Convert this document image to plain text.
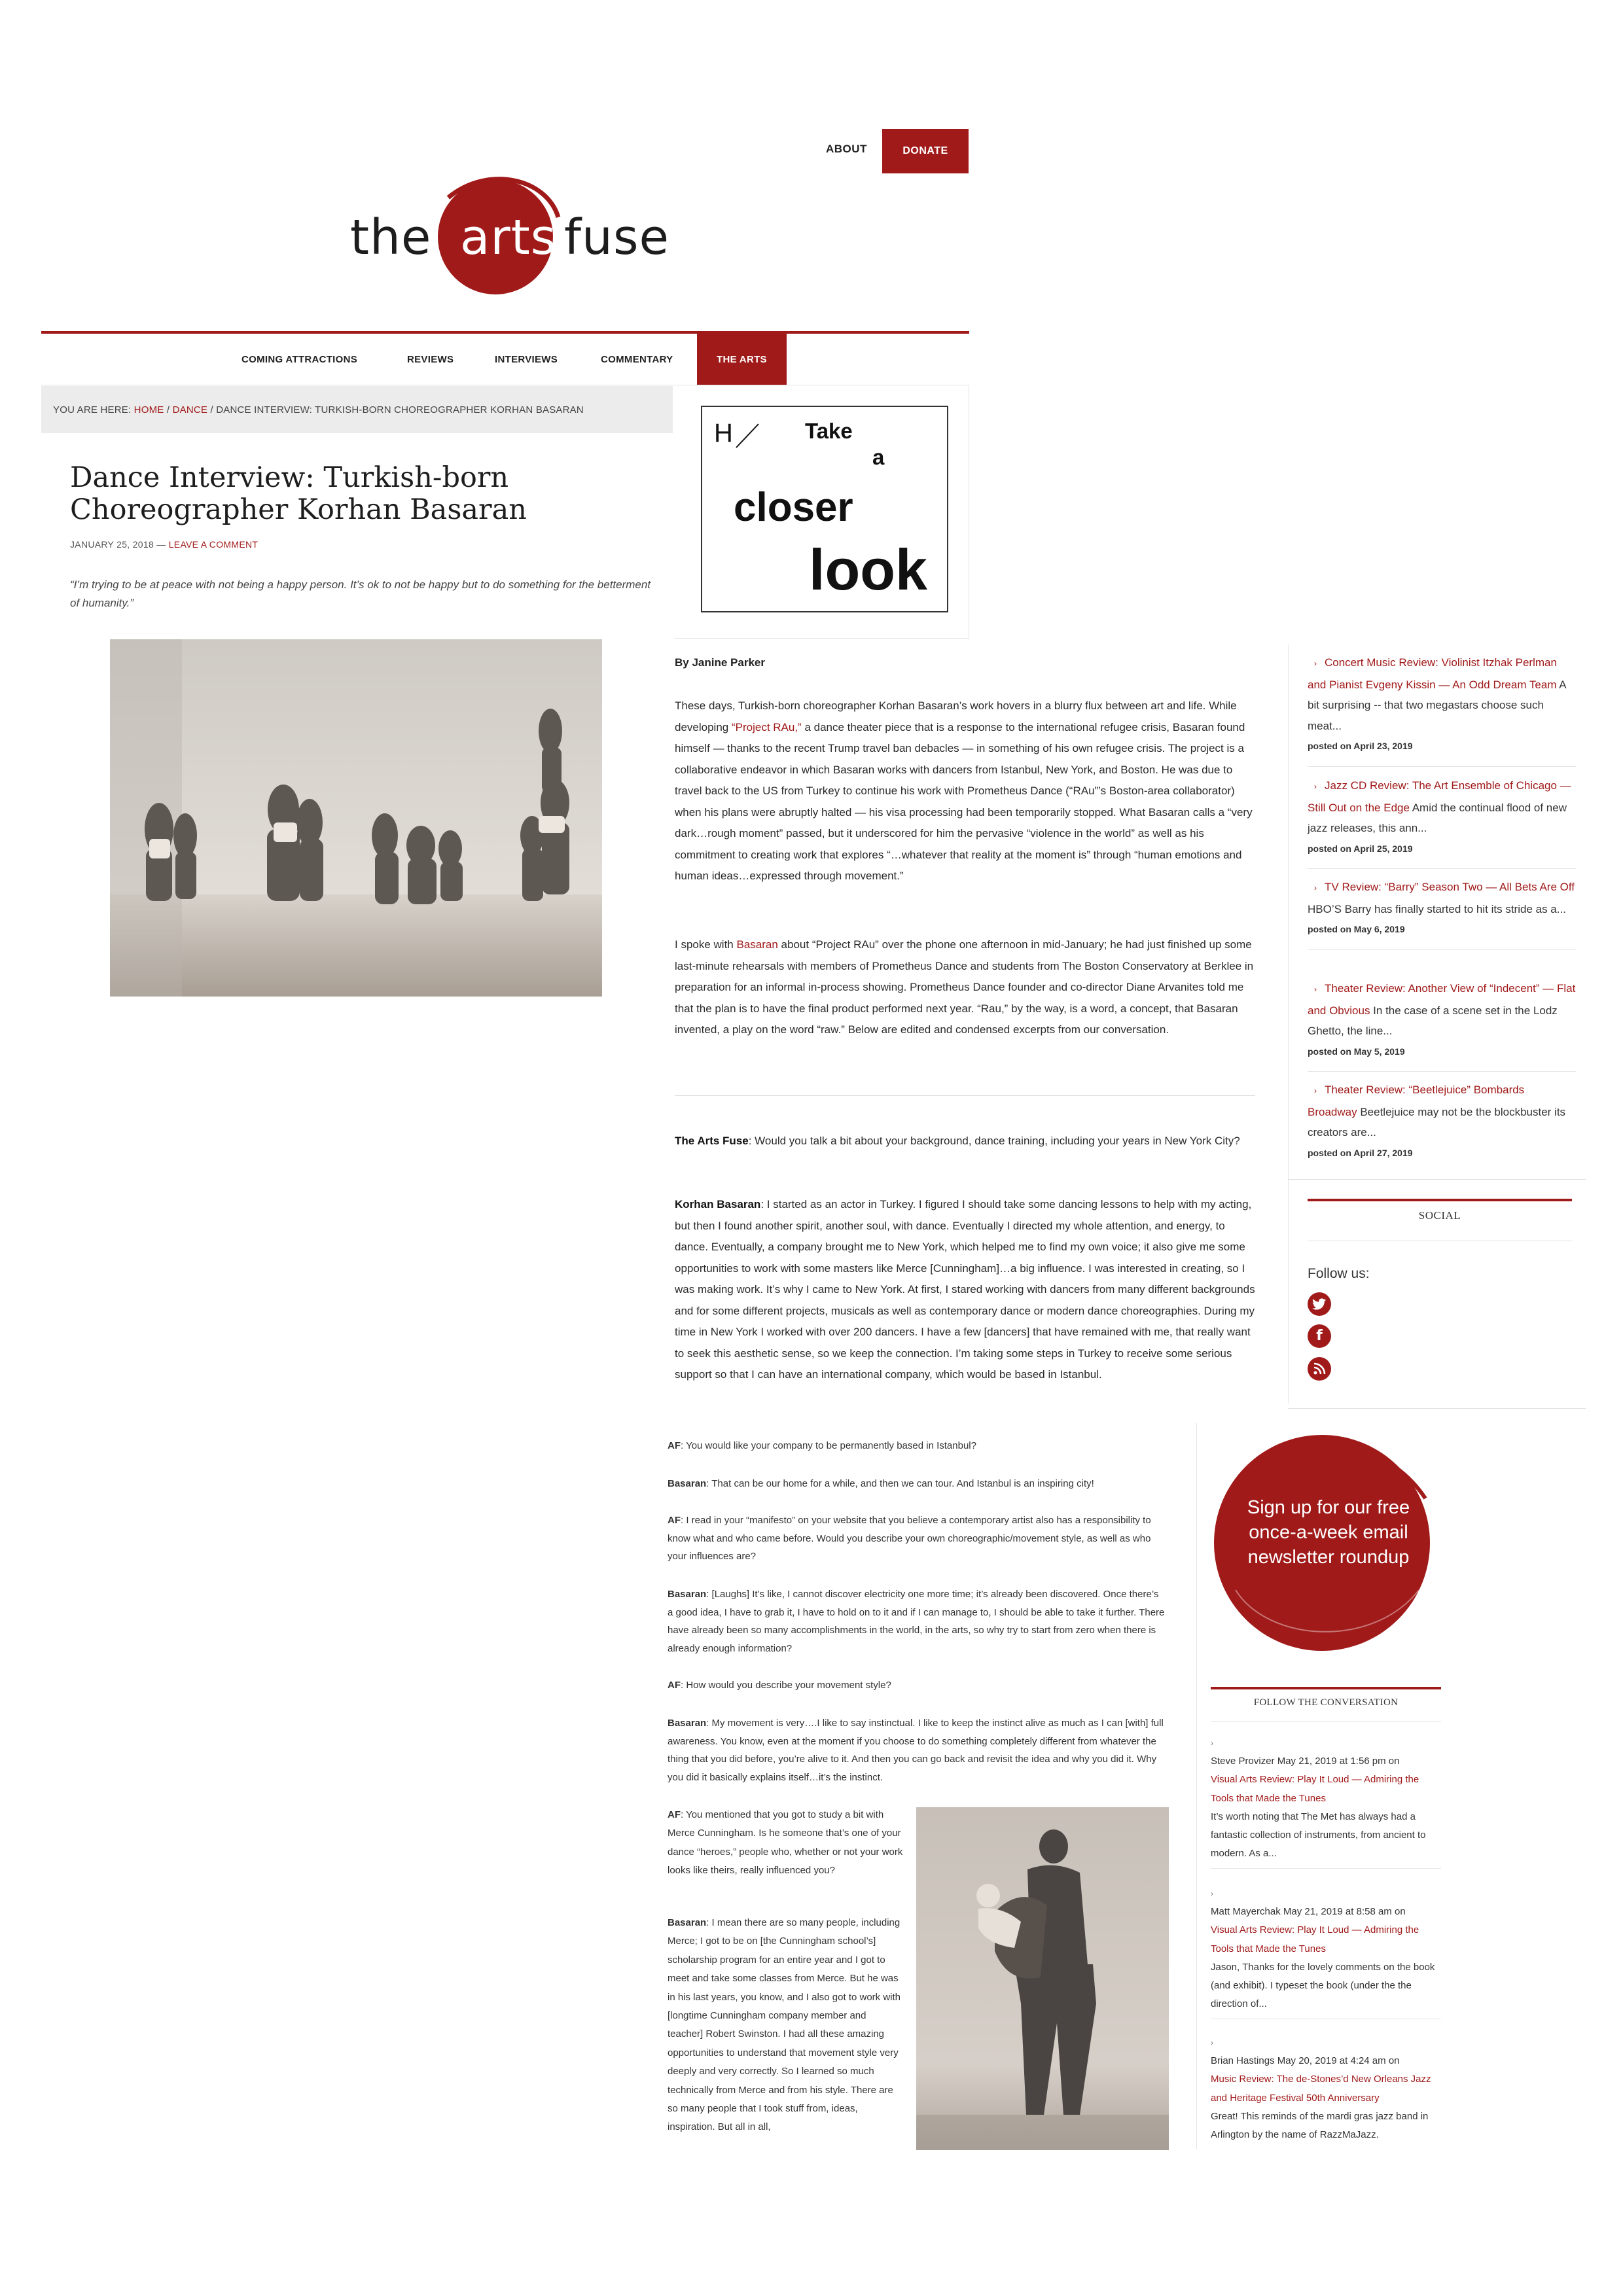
ABOUT	DONATE
the arts fuse
COMING ATTRACTIONS	REVIEWS	INTERVIEWS	COMMENTARY	THE ARTS
YOU ARE HERE: HOME / DANCE / DANCE INTERVIEW: TURKISH-BORN CHOREOGRAPHER KORHAN BASARAN
Dance Interview: Turkish-born Choreographer Korhan Basaran
JANUARY 25, 2018 — LEAVE A COMMENT
“I’m trying to be at peace with not being a happy person. It’s ok to not be happy but to do something for the betterment of humanity.”
H	Take
a
closer
look
By Janine Parker
These days, Turkish-born choreographer Korhan Basaran’s work hovers in a blurry flux between art and life. While developing “Project RAu,” a dance theater piece that is a response to the international refugee crisis, Basaran found himself — thanks to the recent Trump travel ban debacles — in something of his own refugee crisis. The project is a collaborative endeavor in which Basaran works with dancers from Istanbul, New York, and Boston. He was due to travel back to the US from Turkey to continue his work with Prometheus Dance (“RAu”’s Boston-area collaborator) when his plans were abruptly halted — his visa processing had been temporarily stopped. What Basaran calls a “very dark…rough moment” passed, but it underscored for him the pervasive “violence in the world” as well as his commitment to creating work that explores “…whatever that reality at the moment is” through “human emotions and human ideas…expressed through movement.”
I spoke with Basaran about “Project RAu” over the phone one afternoon in mid-January; he had just finished up some last-minute rehearsals with members of Prometheus Dance and students from The Boston Conservatory at Berklee in preparation for an informal in-process showing. Prometheus Dance founder and co-director Diane Arvanites told me that the plan is to have the final product performed next year. “Rau,” by the way, is a word, a concept, that Basaran invented, a play on the word “raw.” Below are edited and condensed excerpts from our conversation.
The Arts Fuse: Would you talk a bit about your background, dance training, including your years in New York City?
Korhan Basaran: I started as an actor in Turkey. I figured I should take some dancing lessons to help with my acting, but then I found another spirit, another soul, with dance. Eventually I directed my whole attention, and energy, to dance. Eventually, a company brought me to New York, which helped me to find my own voice; it also give me some opportunities to work with some masters like Merce [Cunningham]…a big influence. I was interested in creating, so I was making work. It’s why I came to New York. At first, I stared working with dancers from many different backgrounds and for some different projects, musicals as well as contemporary dance or modern dance choreographies. During my time in New York I worked with over 200 dancers. I have a few [dancers] that have remained with me, that really want to seek this aesthetic sense, so we keep the connection. I’m taking some steps in Turkey to receive some serious support so that I can have an international company, which would be based in Istanbul.
AF: You would like your company to be permanently based in Istanbul?
Basaran: That can be our home for a while, and then we can tour. And Istanbul is an inspiring city!
AF: I read in your “manifesto” on your website that you believe a contemporary artist also has a responsibility to know what and who came before. Would you describe your own choreographic/movement style, as well as who your influences are?
Basaran: [Laughs] It’s like, I cannot discover electricity one more time; it’s already been discovered. Once there’s a good idea, I have to grab it, I have to hold on to it and if I can manage to, I should be able to take it further. There have already been so many accomplishments in the world, in the arts, so why try to start from zero when there is already enough information?
AF: How would you describe your movement style?
Basaran: My movement is very….I like to say instinctual. I like to keep the instinct alive as much as I can [with] full awareness. You know, even at the moment if you choose to do something completely different from whatever the thing that you did before, you’re alive to it. And then you can go back and revisit the idea and why you did it. Why you did it basically explains itself…it’s the instinct.
AF: You mentioned that you got to study a bit with Merce Cunningham. Is he someone that’s one of your dance “heroes,” people who, whether or not your work looks like theirs, really influenced you?
Basaran: I mean there are so many people, including Merce; I got to be on [the Cunningham school’s] scholarship program for an entire year and I got to meet and take some classes from Merce. But he was in his last years, you know, and I also got to work with [longtime Cunningham company member and teacher] Robert Swinston. I had all these amazing opportunities to understand that movement style very deeply and very correctly. So I learned so much technically from Merce and from his style. There are so many people that I took stuff from, ideas, inspiration. But all in all,
› Concert Music Review: Violinist Itzhak Perlman and Pianist Evgeny Kissin — An Odd Dream Team A bit surprising -- that two megastars choose such meat...
posted on April 23, 2019
› Jazz CD Review: The Art Ensemble of Chicago — Still Out on the Edge Amid the continual flood of new jazz releases, this ann...
posted on April 25, 2019
› TV Review: “Barry” Season Two — All Bets Are Off HBO’S Barry has finally started to hit its stride as a...
posted on May 6, 2019
› Theater Review: Another View of “Indecent” — Flat and Obvious In the case of a scene set in the Lodz Ghetto, the line...
posted on May 5, 2019
› Theater Review: “Beetlejuice” Bombards Broadway Beetlejuice may not be the blockbuster its creators are...
posted on April 27, 2019
SOCIAL
Follow us:
f
Sign up for our free once-a-week email newsletter roundup
FOLLOW THE CONVERSATION
›
Steve Provizer May 21, 2019 at 1:56 pm on
Visual Arts Review: Play It Loud — Admiring the Tools that Made the Tunes
It’s worth noting that The Met has always had a fantastic collection of instruments, from ancient to modern. As a...
›
Matt Mayerchak May 21, 2019 at 8:58 am on
Visual Arts Review: Play It Loud — Admiring the Tools that Made the Tunes
Jason, Thanks for the lovely comments on the book (and exhibit). I typeset the book (under the the direction of...
›
Brian Hastings May 20, 2019 at 4:24 am on
Music Review: The de-Stones’d New Orleans Jazz and Heritage Festival 50th Anniversary
Great! This reminds of the mardi gras jazz band in Arlington by the name of RazzMaJazz.
